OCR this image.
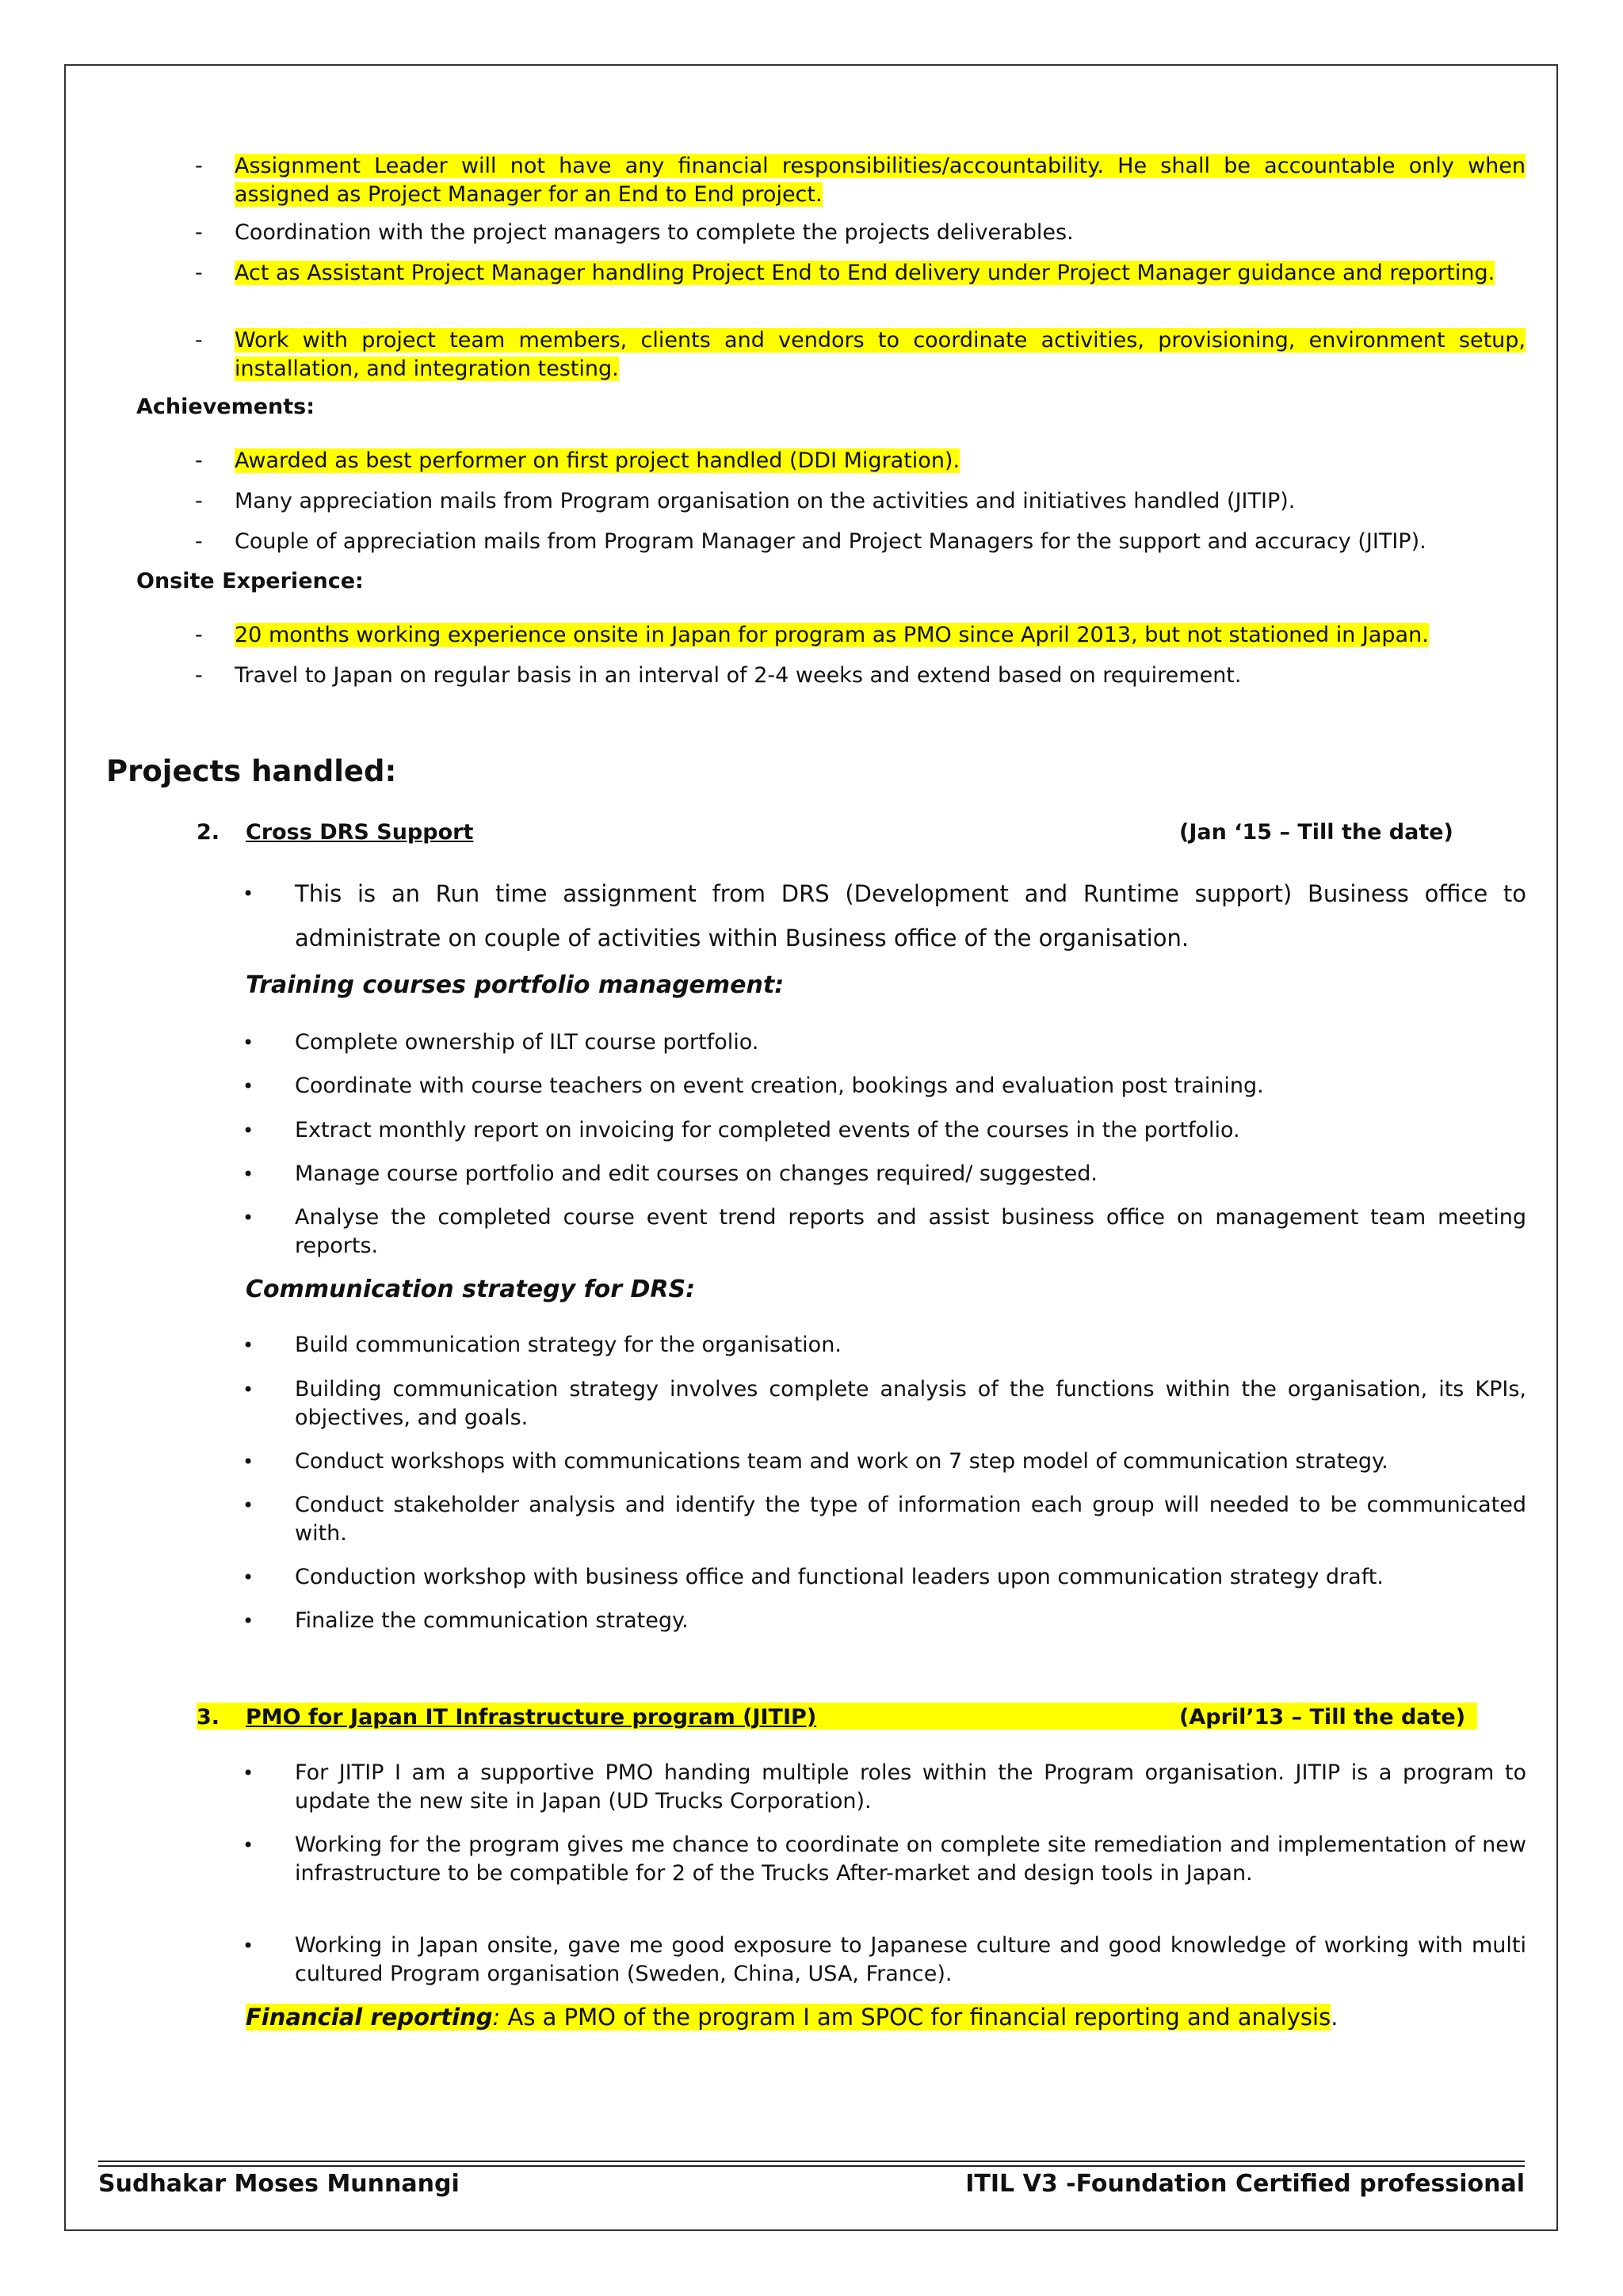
-	Assignment Leader will not have any financial responsibilities/accountability. He shall be accountable only when assigned as Project Manager for an End to End project.
-	Coordination with the project managers to complete the projects deliverables.
-	Act as Assistant Project Manager handling Project End to End delivery under Project Manager guidance and reporting.
-	Work with project team members, clients and vendors to coordinate activities, provisioning, environment setup, installation, and integration testing.
Achievements:
-	Awarded as best performer on first project handled (DDI Migration).
-	Many appreciation mails from Program organisation on the activities and initiatives handled (JITIP).
-	Couple of appreciation mails from Program Manager and Project Managers for the support and accuracy (JITIP).
Onsite Experience:
-	20 months working experience onsite in Japan for program as PMO since April 2013, but not stationed in Japan.
-	Travel to Japan on regular basis in an interval of 2-4 weeks and extend based on requirement.
Projects handled:
2. Cross DRS Support	(Jan ‘15 – Till the date)
• This is an Run time assignment from DRS (Development and Runtime support) Business office to administrate on couple of activities within Business office of the organisation.
Training courses portfolio management:
• Complete ownership of ILT course portfolio.
• Coordinate with course teachers on event creation, bookings and evaluation post training.
• Extract monthly report on invoicing for completed events of the courses in the portfolio.
• Manage course portfolio and edit courses on changes required/ suggested.
• Analyse the completed course event trend reports and assist business office on management team meeting reports.
Communication strategy for DRS:
• Build communication strategy for the organisation.
• Building communication strategy involves complete analysis of the functions within the organisation, its KPIs, objectives, and goals.
• Conduct workshops with communications team and work on 7 step model of communication strategy.
• Conduct stakeholder analysis and identify the type of information each group will needed to be communicated with.
• Conduction workshop with business office and functional leaders upon communication strategy draft.
• Finalize the communication strategy.
3. PMO for Japan IT Infrastructure program (JITIP)	(April’13 – Till the date)
• For JITIP I am a supportive PMO handing multiple roles within the Program organisation. JITIP is a program to update the new site in Japan (UD Trucks Corporation).
• Working for the program gives me chance to coordinate on complete site remediation and implementation of new infrastructure to be compatible for 2 of the Trucks After-market and design tools in Japan.
• Working in Japan onsite, gave me good exposure to Japanese culture and good knowledge of working with multi cultured Program organisation (Sweden, China, USA, France).
Financial reporting: As a PMO of the program I am SPOC for financial reporting and analysis.
Sudhakar Moses Munnangi	ITIL V3 -Foundation Certified professional
